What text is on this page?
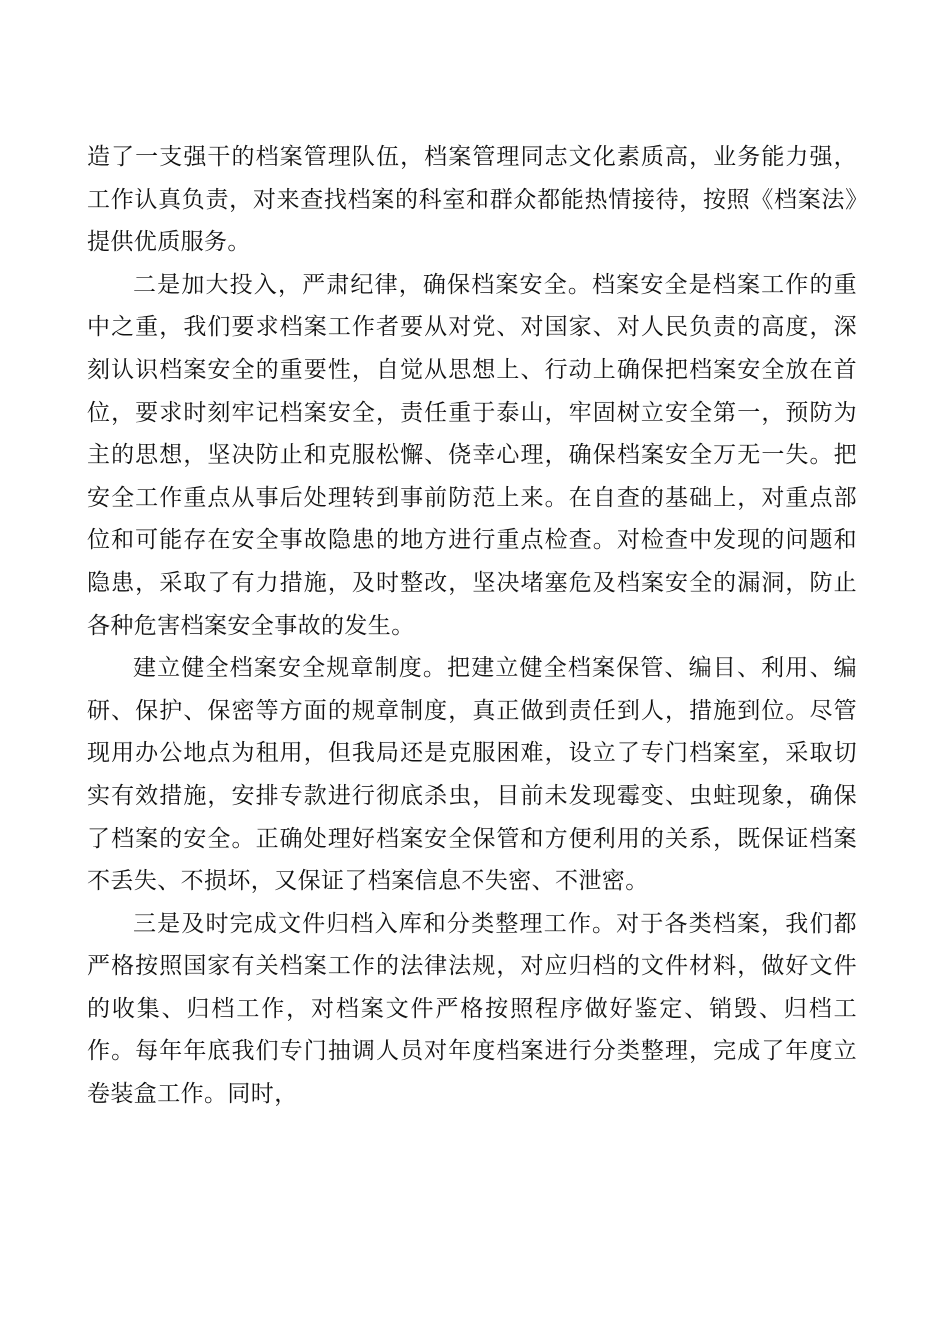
造了一支强干的档案管理队伍，档案管理同志文化素质高，业务能力强，工作认真负责，对来查找档案的科室和群众都能热情接待，按照《档案法》提供优质服务。

二是加大投入，严肃纪律，确保档案安全。档案安全是档案工作的重中之重，我们要求档案工作者要从对党、对国家、对人民负责的高度，深刻认识档案安全的重要性，自觉从思想上、行动上确保把档案安全放在首位，要求时刻牢记档案安全，责任重于泰山，牢固树立安全第一，预防为主的思想，坚决防止和克服松懈、侥幸心理，确保档案安全万无一失。把安全工作重点从事后处理转到事前防范上来。在自查的基础上，对重点部位和可能存在安全事故隐患的地方进行重点检查。对检查中发现的问题和隐患，采取了有力措施，及时整改，坚决堵塞危及档案安全的漏洞，防止各种危害档案安全事故的发生。

建立健全档案安全规章制度。把建立健全档案保管、编目、利用、编研、保护、保密等方面的规章制度，真正做到责任到人，措施到位。尽管现用办公地点为租用，但我局还是克服困难，设立了专门档案室，采取切实有效措施，安排专款进行彻底杀虫，目前未发现霉变、虫蛀现象，确保了档案的安全。正确处理好档案安全保管和方便利用的关系，既保证档案不丢失、不损坏，又保证了档案信息不失密、不泄密。

三是及时完成文件归档入库和分类整理工作。对于各类档案，我们都严格按照国家有关档案工作的法律法规，对应归档的文件材料，做好文件的收集、归档工作，对档案文件严格按照程序做好鉴定、销毁、归档工作。每年年底我们专门抽调人员对年度档案进行分类整理，完成了年度立卷装盒工作。同时，
